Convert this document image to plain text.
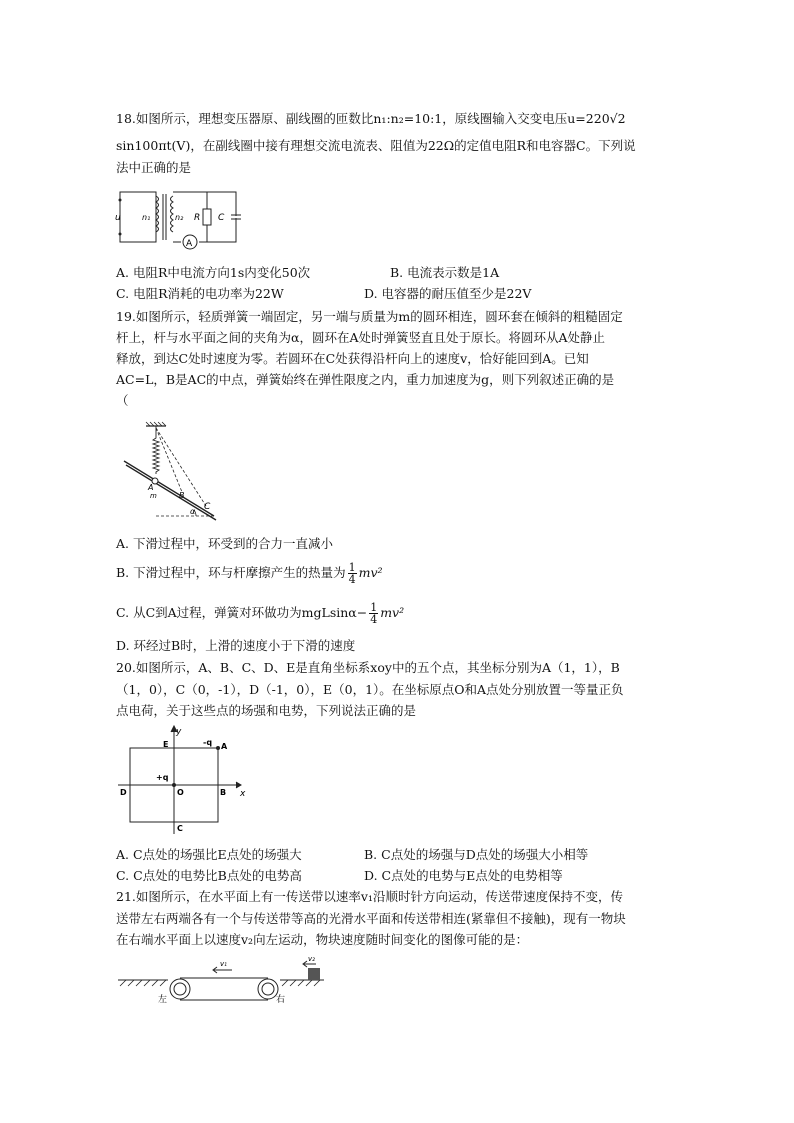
18.如图所示，理想变压器原、副线圈的匝数比n₁:n₂=10:1，原线圈输入交变电压u=220√2
sin100πt(V)，在副线圈中接有理想交流电流表、阻值为22Ω的定值电阻R和电容器C。下列说
法中正确的是
u	n₁	n₂ R C
A
A. 电阻R中电流方向1s内变化50次	B. 电流表示数是1A
C. 电阻R消耗的电功率为22W	D. 电容器的耐压值至少是22V
19.如图所示，轻质弹簧一端固定，另一端与质量为m的圆环相连，圆环套在倾斜的粗糙固定
杆上，杆与水平面之间的夹角为α，圆环在A处时弹簧竖直且处于原长。将圆环从A处静止
释放，到达C处时速度为零。若圆环在C处获得沿杆向上的速度v，恰好能回到A。已知
AC=L，B是AC的中点，弹簧始终在弹性限度之内，重力加速度为g，则下列叙述正确的是
（
A
m	B
C
α
A. 下滑过程中，环受到的合力一直减小
B. 下滑过程中，环与杆摩擦产生的热量为 $\frac{1}{4} mv^2$
C. 从C到A过程，弹簧对环做功为$mgLsin\alpha- \frac{1}{4} mv^2$
D. 环经过B时，上滑的速度小于下滑的速度
20.如图所示，A、B、C、D、E是直角坐标系xoy中的五个点，其坐标分别为A（1，1），B
（1，0），C（0，-1），D（-1，0），E（0，1）。在坐标原点O和A点处分别放置一等量正负
点电荷，关于这些点的场强和电势，下列说法正确的是
y
x
E	-q A
+q
D	O	B
C
A. C点处的场强比E点处的场强大	B. C点处的场强与D点处的场强大小相等
C. C点处的电势比B点处的电势高	D. C点处的电势与E点处的电势相等
21.如图所示，在水平面上有一传送带以速率v₁沿顺时针方向运动，传送带速度保持不变，传
送带左右两端各有一个与传送带等高的光滑水平面和传送带相连(紧靠但不接触)，现有一物块
在右端水平面上以速度v₂向左运动，物块速度随时间变化的图像可能的是：
v₁
v₂
左	右
